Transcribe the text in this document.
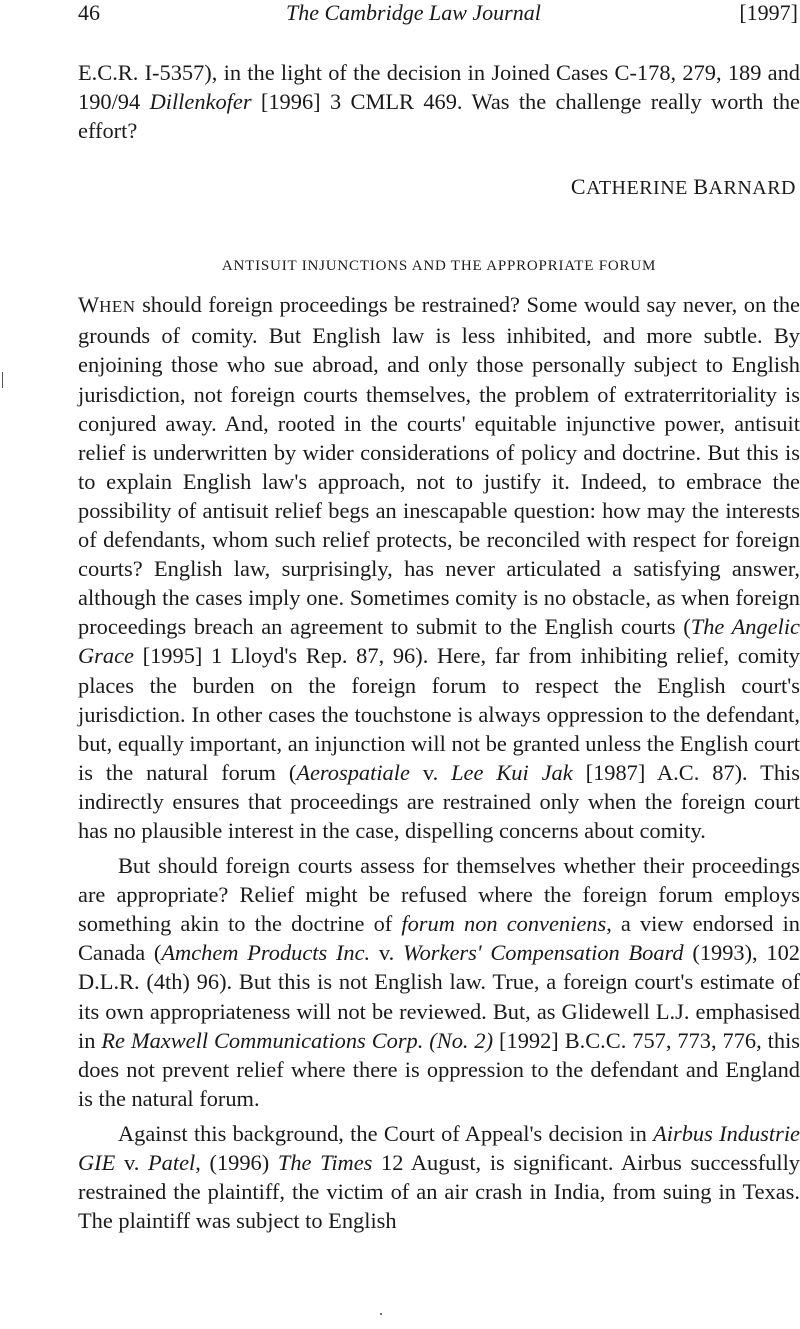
46	The Cambridge Law Journal	[1997]

E.C.R. I-5357), in the light of the decision in Joined Cases C-178, 279, 189 and 190/94 Dillenkofer [1996] 3 CMLR 469. Was the challenge really worth the effort?

CATHERINE BARNARD
ANTISUIT INJUNCTIONS AND THE APPROPRIATE FORUM

WHEN should foreign proceedings be restrained? Some would say never, on the grounds of comity. But English law is less inhibited, and more subtle. By enjoining those who sue abroad, and only those personally subject to English jurisdiction, not foreign courts themselves, the problem of extraterritoriality is conjured away. And, rooted in the courts' equitable injunctive power, antisuit relief is underwritten by wider considerations of policy and doctrine. But this is to explain English law's approach, not to justify it. Indeed, to embrace the possibility of antisuit relief begs an inescapable question: how may the interests of defendants, whom such relief protects, be reconciled with respect for foreign courts? English law, surprisingly, has never articulated a satisfying answer, although the cases imply one. Sometimes comity is no obstacle, as when foreign proceedings breach an agreement to submit to the English courts (The Angelic Grace [1995] 1 Lloyd's Rep. 87, 96). Here, far from inhibiting relief, comity places the burden on the foreign forum to respect the English court's jurisdiction. In other cases the touchstone is always oppression to the defendant, but, equally important, an injunction will not be granted unless the English court is the natural forum (Aerospatiale v. Lee Kui Jak [1987] A.C. 87). This indirectly ensures that proceedings are restrained only when the foreign court has no plausible interest in the case, dispelling concerns about comity.

But should foreign courts assess for themselves whether their proceedings are appropriate? Relief might be refused where the foreign forum employs something akin to the doctrine of forum non conveniens, a view endorsed in Canada (Amchem Products Inc. v. Workers' Compensation Board (1993), 102 D.L.R. (4th) 96). But this is not English law. True, a foreign court's estimate of its own appropriateness will not be reviewed. But, as Glidewell L.J. emphasised in Re Maxwell Communications Corp. (No. 2) [1992] B.C.C. 757, 773, 776, this does not prevent relief where there is oppression to the defendant and England is the natural forum.

Against this background, the Court of Appeal's decision in Airbus Industrie GIE v. Patel, (1996) The Times 12 August, is significant. Airbus successfully restrained the plaintiff, the victim of an air crash in India, from suing in Texas. The plaintiff was subject to English
